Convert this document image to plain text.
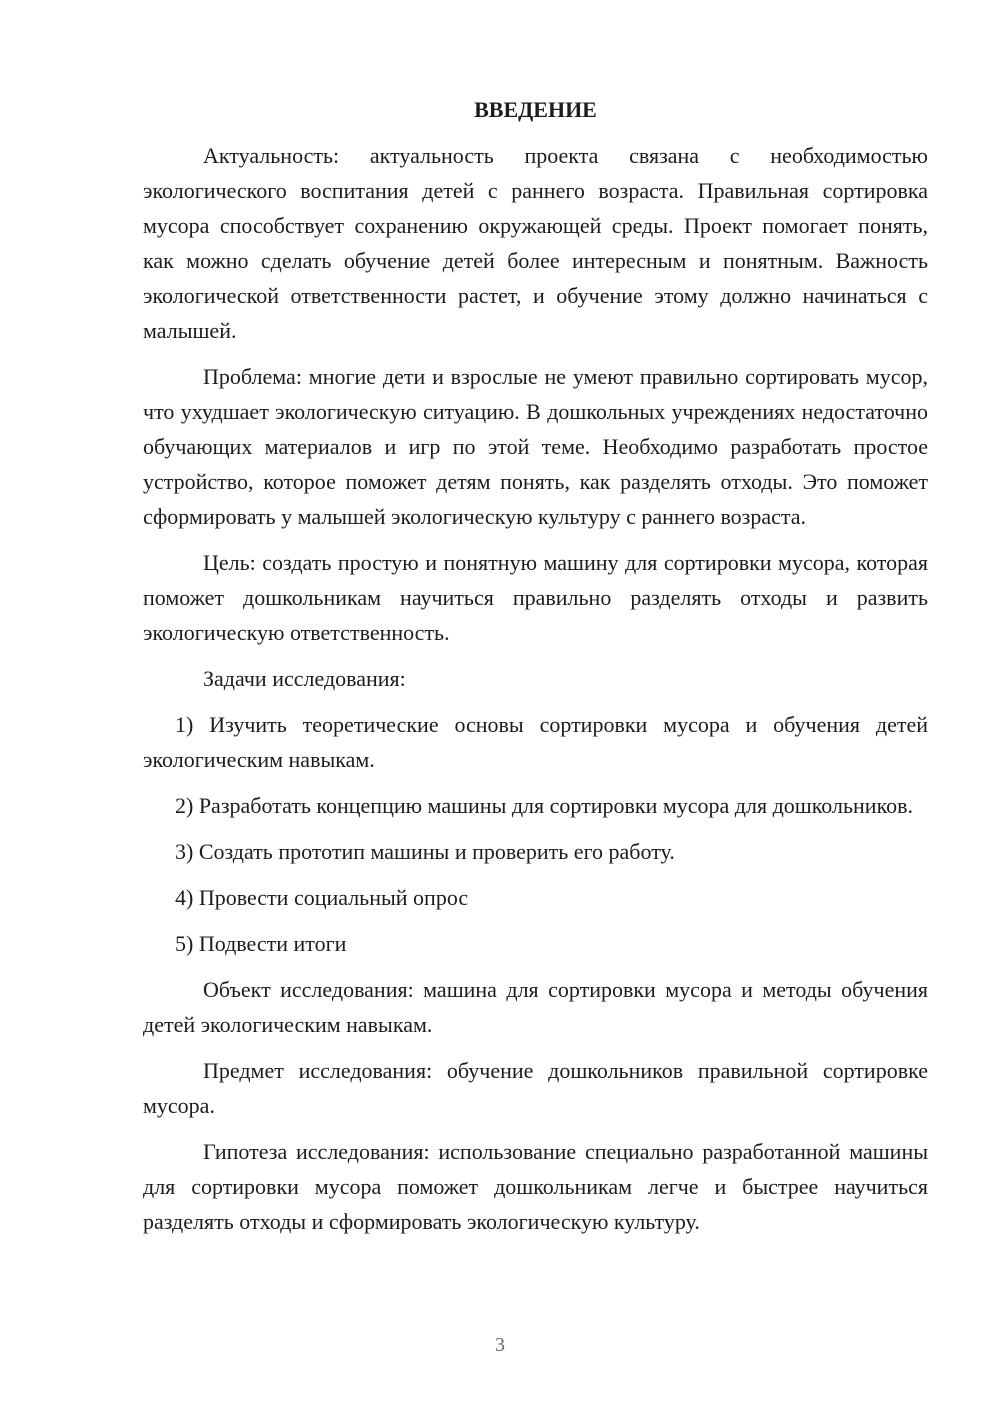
ВВЕДЕНИЕ

Актуальность: актуальность проекта связана с необходимостью экологического воспитания детей с раннего возраста. Правильная сортировка мусора способствует сохранению окружающей среды. Проект помогает понять, как можно сделать обучение детей более интересным и понятным. Важность экологической ответственности растет, и обучение этому должно начинаться с малышей.

Проблема: многие дети и взрослые не умеют правильно сортировать мусор, что ухудшает экологическую ситуацию. В дошкольных учреждениях недостаточно обучающих материалов и игр по этой теме. Необходимо разработать простое устройство, которое поможет детям понять, как разделять отходы. Это поможет сформировать у малышей экологическую культуру с раннего возраста.

Цель: создать простую и понятную машину для сортировки мусора, которая поможет дошкольникам научиться правильно разделять отходы и развить экологическую ответственность.

Задачи исследования:

1) Изучить теоретические основы сортировки мусора и обучения детей экологическим навыкам.

2) Разработать концепцию машины для сортировки мусора для дошкольников.

3) Создать прототип машины и проверить его работу.

4) Провести социальный опрос

5) Подвести итоги

Объект исследования: машина для сортировки мусора и методы обучения детей экологическим навыкам.

Предмет исследования: обучение дошкольников правильной сортировке мусора.

Гипотеза исследования: использование специально разработанной машины для сортировки мусора поможет дошкольникам легче и быстрее научиться разделять отходы и сформировать экологическую культуру.

3
